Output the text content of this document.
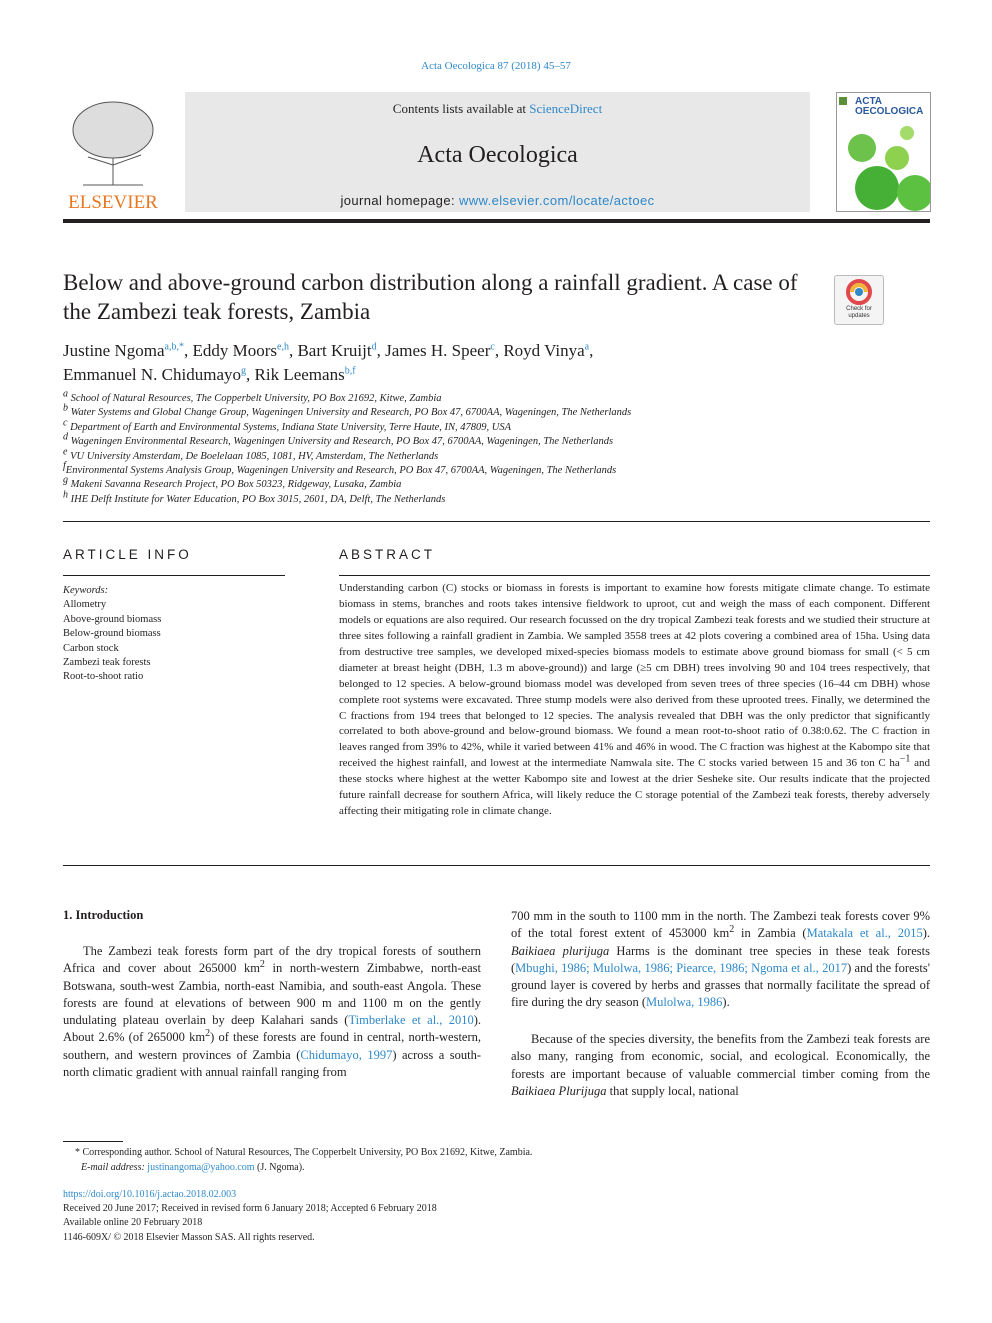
Acta Oecologica 87 (2018) 45–57
ELSEVIER
Contents lists available at ScienceDirect
Acta Oecologica
journal homepage: www.elsevier.com/locate/actoec
ACTA
OECOLOGICA
Below and above-ground carbon distribution along a rainfall gradient. A case of the Zambezi teak forests, Zambia	Check for
updates
Justine Ngoma$^{a,b,*}$, Eddy Moors$^{e,h}$, Bart Kruijt$^d$, James H. Speer$^c$, Royd Vinya$^a$,
Emmanuel N. Chidumayo$^g$, Rik Leemans$^{b,f}$
$^a$ School of Natural Resources, The Copperbelt University, PO Box 21692, Kitwe, Zambia
$^b$ Water Systems and Global Change Group, Wageningen University and Research, PO Box 47, 6700AA, Wageningen, The Netherlands
$^c$ Department of Earth and Environmental Systems, Indiana State University, Terre Haute, IN, 47809, USA
$^d$ Wageningen Environmental Research, Wageningen University and Research, PO Box 47, 6700AA, Wageningen, The Netherlands
$^e$ VU University Amsterdam, De Boelelaan 1085, 1081, HV, Amsterdam, The Netherlands
$^f$Environmental Systems Analysis Group, Wageningen University and Research, PO Box 47, 6700AA, Wageningen, The Netherlands
$^g$ Makeni Savanna Research Project, PO Box 50323, Ridgeway, Lusaka, Zambia
$^h$ IHE Delft Institute for Water Education, PO Box 3015, 2601, DA, Delft, The Netherlands
ARTICLE INFO
Keywords:
Allometry
Above-ground biomass
Below-ground biomass
Carbon stock
Zambezi teak forests
Root-to-shoot ratio
ABSTRACT
Understanding carbon (C) stocks or biomass in forests is important to examine how forests mitigate climate change. To estimate biomass in stems, branches and roots takes intensive fieldwork to uproot, cut and weigh the mass of each component. Different models or equations are also required. Our research focussed on the dry tropical Zambezi teak forests and we studied their structure at three sites following a rainfall gradient in Zambia. We sampled 3558 trees at 42 plots covering a combined area of 15ha. Using data from destructive tree samples, we developed mixed-species biomass models to estimate above ground biomass for small (< 5 cm diameter at breast height (DBH, 1.3 m above-ground)) and large (≥5 cm DBH) trees involving 90 and 104 trees respectively, that belonged to 12 species. A below-ground biomass model was developed from seven trees of three species (16–44 cm DBH) whose complete root systems were excavated. Three stump models were also derived from these uprooted trees. Finally, we determined the C fractions from 194 trees that belonged to 12 species. The analysis revealed that DBH was the only predictor that significantly correlated to both above-ground and below-ground biomass. We found a mean root-to-shoot ratio of 0.38:0.62. The C fraction in leaves ranged from 39% to 42%, while it varied between 41% and 46% in wood. The C fraction was highest at the Kabompo site that received the highest rainfall, and lowest at the intermediate Namwala site. The C stocks varied between 15 and 36 ton C $ha^{-1}$ and these stocks where highest at the wetter Kabompo site and lowest at the drier Sesheke site. Our results indicate that the projected future rainfall decrease for southern Africa, will likely reduce the C storage potential of the Zambezi teak forests, thereby adversely affecting their mitigating role in climate change.
1. Introduction
The Zambezi teak forests form part of the dry tropical forests of southern Africa and cover about 265000 $km^2$ in north-western Zimbabwe, north-east Botswana, south-west Zambia, north-east Namibia, and south-east Angola. These forests are found at elevations of between 900 m and 1100 m on the gently undulating plateau overlain by deep Kalahari sands (Timberlake et al., 2010). About 2.6% (of 265000 $km^2$) of these forests are found in central, north-western, southern, and western provinces of Zambia (Chidumayo, 1997) across a south-north climatic gradient with annual rainfall ranging from
700 mm in the south to 1100 mm in the north. The Zambezi teak forests cover 9% of the total forest extent of 453000 $km^2$ in Zambia (Matakala et al., 2015). Baikiaea plurijuga Harms is the dominant tree species in these teak forests (Mbughi, 1986; Mulolwa, 1986; Piearce, 1986; Ngoma et al., 2017) and the forests' ground layer is covered by herbs and grasses that normally facilitate the spread of fire during the dry season (Mulolwa, 1986).
Because of the species diversity, the benefits from the Zambezi teak forests are also many, ranging from economic, social, and ecological. Economically, the forests are important because of valuable commercial timber coming from the Baikiaea Plurijuga that supply local, national
* Corresponding author. School of Natural Resources, The Copperbelt University, PO Box 21692, Kitwe, Zambia.
E-mail address: justinangoma@yahoo.com (J. Ngoma).
https://doi.org/10.1016/j.actao.2018.02.003
Received 20 June 2017; Received in revised form 6 January 2018; Accepted 6 February 2018
Available online 20 February 2018
1146-609X/ © 2018 Elsevier Masson SAS. All rights reserved.
